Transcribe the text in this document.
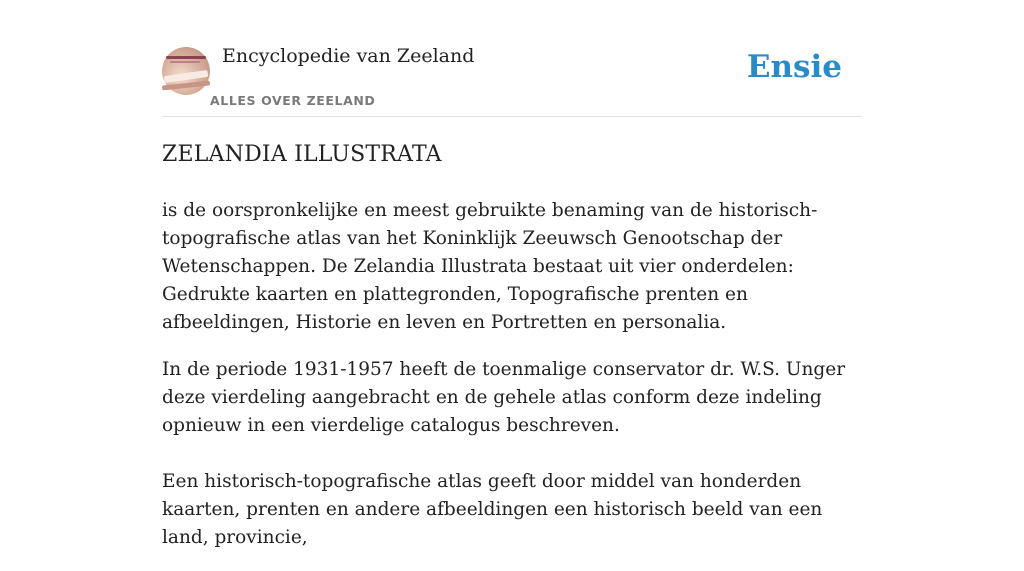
Encyclopedie van Zeeland
ALLES OVER ZEELAND
Ensie
ZELANDIA ILLUSTRATA

is de oorspronkelijke en meest gebruikte benaming van de historisch-topografische atlas van het Koninklijk Zeeuwsch Genootschap der Wetenschappen. De Zelandia Illustrata bestaat uit vier onderdelen: Gedrukte kaarten en plattegronden, Topografische prenten en afbeeldingen, Historie en leven en Portretten en personalia.

In de periode 1931-1957 heeft de toenmalige conservator dr. W.S. Unger deze vierdeling aangebracht en de gehele atlas conform deze indeling opnieuw in een vierdelige catalogus beschreven.

Een historisch-topografische atlas geeft door middel van honderden kaarten, prenten en andere afbeeldingen een historisch beeld van een land, provincie,
